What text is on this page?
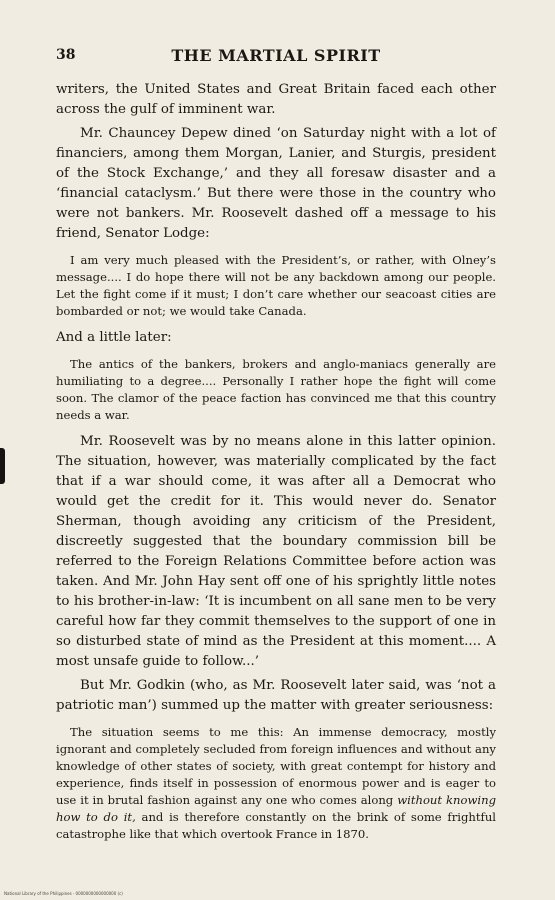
38	THE MARTIAL SPIRIT

writers, the United States and Great Britain faced each other across the gulf of imminent war.

Mr. Chauncey Depew dined ‘on Saturday night with a lot of financiers, among them Morgan, Lanier, and Sturgis, president of the Stock Exchange,’ and they all foresaw disaster and a ‘financial cataclysm.’ But there were those in the country who were not bankers. Mr. Roosevelt dashed off a message to his friend, Senator Lodge:

I am very much pleased with the President’s, or rather, with Olney’s message.... I do hope there will not be any backdown among our people. Let the fight come if it must; I don’t care whether our seacoast cities are bombarded or not; we would take Canada.

And a little later:

The antics of the bankers, brokers and anglo-maniacs generally are humiliating to a degree.... Personally I rather hope the fight will come soon. The clamor of the peace faction has convinced me that this country needs a war.

Mr. Roosevelt was by no means alone in this latter opinion. The situation, however, was materially complicated by the fact that if a war should come, it was after all a Democrat who would get the credit for it. This would never do. Senator Sherman, though avoiding any criticism of the President, discreetly suggested that the boundary commission bill be referred to the Foreign Relations Committee before action was taken. And Mr. John Hay sent off one of his sprightly little notes to his brother-in-law: ‘It is incumbent on all sane men to be very careful how far they commit themselves to the support of one in so disturbed state of mind as the President at this moment.... A most unsafe guide to follow...’

But Mr. Godkin (who, as Mr. Roosevelt later said, was ‘not a patriotic man’) summed up the matter with greater seriousness:

The situation seems to me this: An immense democracy, mostly ignorant and completely secluded from foreign influences and without any knowledge of other states of society, with great contempt for history and experience, finds itself in possession of enormous power and is eager to use it in brutal fashion against any one who comes along without knowing how to do it, and is therefore constantly on the brink of some frightful catastrophe like that which overtook France in 1870.

National Library of the Philippines · 0000000000000000 (c)
